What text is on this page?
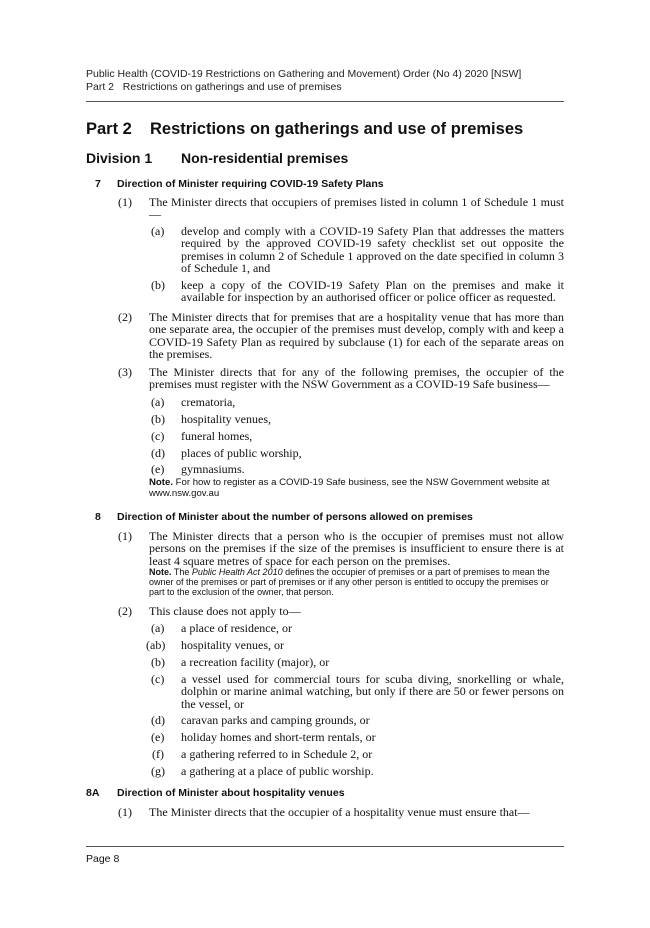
Public Health (COVID-19 Restrictions on Gathering and Movement) Order (No 4) 2020 [NSW]
Part 2   Restrictions on gatherings and use of premises
Part 2 Restrictions on gatherings and use of premises
Division 1 Non-residential premises
7 Direction of Minister requiring COVID-19 Safety Plans
(1) The Minister directs that occupiers of premises listed in column 1 of Schedule 1 must—
(a) develop and comply with a COVID-19 Safety Plan that addresses the matters required by the approved COVID-19 safety checklist set out opposite the premises in column 2 of Schedule 1 approved on the date specified in column 3 of Schedule 1, and
(b) keep a copy of the COVID-19 Safety Plan on the premises and make it available for inspection by an authorised officer or police officer as requested.
(2) The Minister directs that for premises that are a hospitality venue that has more than one separate area, the occupier of the premises must develop, comply with and keep a COVID-19 Safety Plan as required by subclause (1) for each of the separate areas on the premises.
(3) The Minister directs that for any of the following premises, the occupier of the premises must register with the NSW Government as a COVID-19 Safe business—
(a) crematoria,
(b) hospitality venues,
(c) funeral homes,
(d) places of public worship,
(e) gymnasiums.
Note. For how to register as a COVID-19 Safe business, see the NSW Government website at www.nsw.gov.au
8 Direction of Minister about the number of persons allowed on premises
(1) The Minister directs that a person who is the occupier of premises must not allow persons on the premises if the size of the premises is insufficient to ensure there is at least 4 square metres of space for each person on the premises.
Note. The Public Health Act 2010 defines the occupier of premises or a part of premises to mean the owner of the premises or part of premises or if any other person is entitled to occupy the premises or part to the exclusion of the owner, that person.
(2) This clause does not apply to—
(a) a place of residence, or
(ab) hospitality venues, or
(b) a recreation facility (major), or
(c) a vessel used for commercial tours for scuba diving, snorkelling or whale, dolphin or marine animal watching, but only if there are 50 or fewer persons on the vessel, or
(d) caravan parks and camping grounds, or
(e) holiday homes and short-term rentals, or
(f) a gathering referred to in Schedule 2, or
(g) a gathering at a place of public worship.
8A Direction of Minister about hospitality venues
(1) The Minister directs that the occupier of a hospitality venue must ensure that—
Page 8
